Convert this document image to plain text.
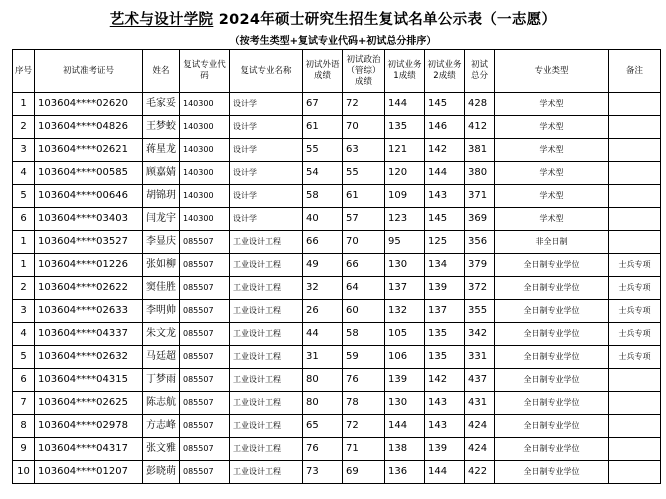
艺术与设计学院 2024年硕士研究生招生复试名单公示表（一志愿）
（按考生类型+复试专业代码+初试总分排序）
序号	初试准考证号	姓名	复试专业代码	复试专业名称	初试外语成绩	初试政治（管综）成绩	初试业务1成绩	初试业务2成绩	初试总分	专业类型	备注
1	103604****02620	毛家妥	140300	设计学	67	72	144	145	428	学术型	
2	103604****04826	王梦蛟	140300	设计学	61	70	135	146	412	学术型	
3	103604****02621	蒋星龙	140300	设计学	55	63	121	142	381	学术型	
4	103604****00585	顾嘉婧	140300	设计学	54	55	120	144	380	学术型	
5	103604****00646	胡锦玥	140300	设计学	58	61	109	143	371	学术型	
6	103604****03403	闫龙宇	140300	设计学	40	57	123	145	369	学术型	
1	103604****03527	李显庆	085507	工业设计工程	66	70	95	125	356	非全日制	
1	103604****01226	张如柳	085507	工业设计工程	49	66	130	134	379	全日制专业学位	士兵专项
2	103604****02622	窦佳胜	085507	工业设计工程	32	64	137	139	372	全日制专业学位	士兵专项
3	103604****02633	李明帅	085507	工业设计工程	26	60	132	137	355	全日制专业学位	士兵专项
4	103604****04337	朱文龙	085507	工业设计工程	44	58	105	135	342	全日制专业学位	士兵专项
5	103604****02632	马廷超	085507	工业设计工程	31	59	106	135	331	全日制专业学位	士兵专项
6	103604****04315	丁梦雨	085507	工业设计工程	80	76	139	142	437	全日制专业学位	
7	103604****02625	陈志航	085507	工业设计工程	80	78	130	143	431	全日制专业学位	
8	103604****02978	方志峰	085507	工业设计工程	65	72	144	143	424	全日制专业学位	
9	103604****04317	张文雅	085507	工业设计工程	76	71	138	139	424	全日制专业学位	
10	103604****01207	彭晓萌	085507	工业设计工程	73	69	136	144	422	全日制专业学位	
